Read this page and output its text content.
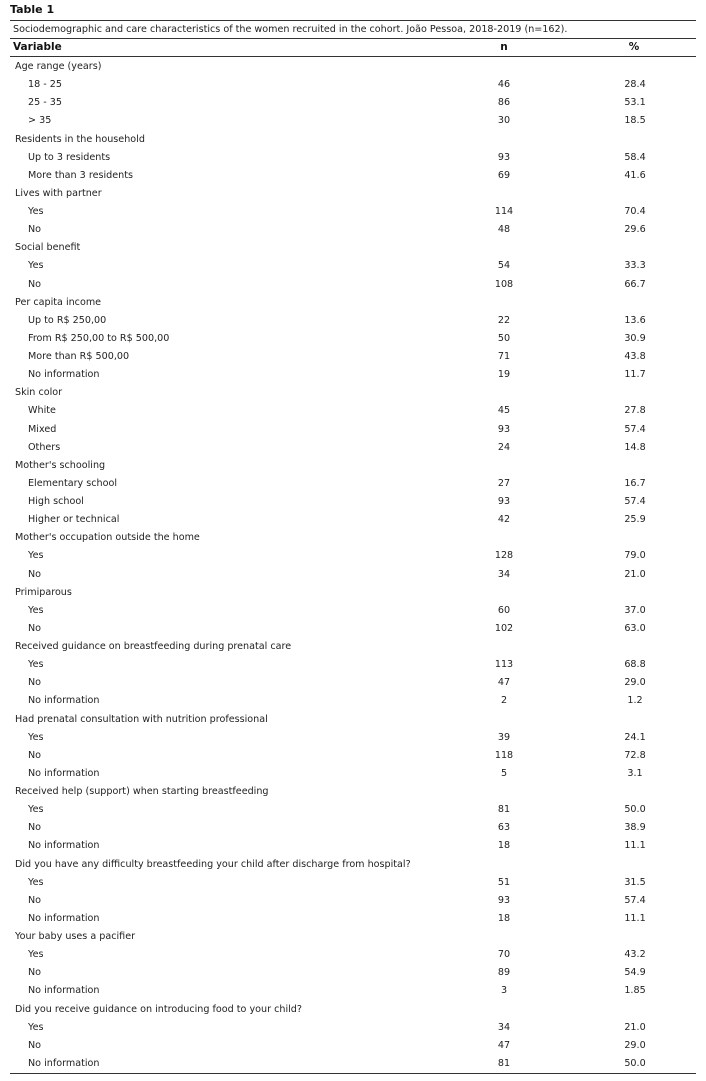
Table 1
Sociodemographic and care characteristics of the women recruited in the cohort. João Pessoa, 2018-2019 (n=162).
Variable	n	%
Age range (years)
18 - 25	46	28.4
25 - 35	86	53.1
> 35	30	18.5
Residents in the household
Up to 3 residents	93	58.4
More than 3 residents	69	41.6
Lives with partner
Yes	114	70.4
No	48	29.6
Social benefit
Yes	54	33.3
No	108	66.7
Per capita income
Up to R$ 250,00	22	13.6
From R$ 250,00 to R$ 500,00	50	30.9
More than R$ 500,00	71	43.8
No information	19	11.7
Skin color
White	45	27.8
Mixed	93	57.4
Others	24	14.8
Mother's schooling
Elementary school	27	16.7
High school	93	57.4
Higher or technical	42	25.9
Mother's occupation outside the home
Yes	128	79.0
No	34	21.0
Primiparous
Yes	60	37.0
No	102	63.0
Received guidance on breastfeeding during prenatal care
Yes	113	68.8
No	47	29.0
No information	2	1.2
Had prenatal consultation with nutrition professional
Yes	39	24.1
No	118	72.8
No information	5	3.1
Received help (support) when starting breastfeeding
Yes	81	50.0
No	63	38.9
No information	18	11.1
Did you have any difficulty breastfeeding your child after discharge from hospital?
Yes	51	31.5
No	93	57.4
No information	18	11.1
Your baby uses a pacifier
Yes	70	43.2
No	89	54.9
No information	3	1.85
Did you receive guidance on introducing food to your child?
Yes	34	21.0
No	47	29.0
No information	81	50.0
